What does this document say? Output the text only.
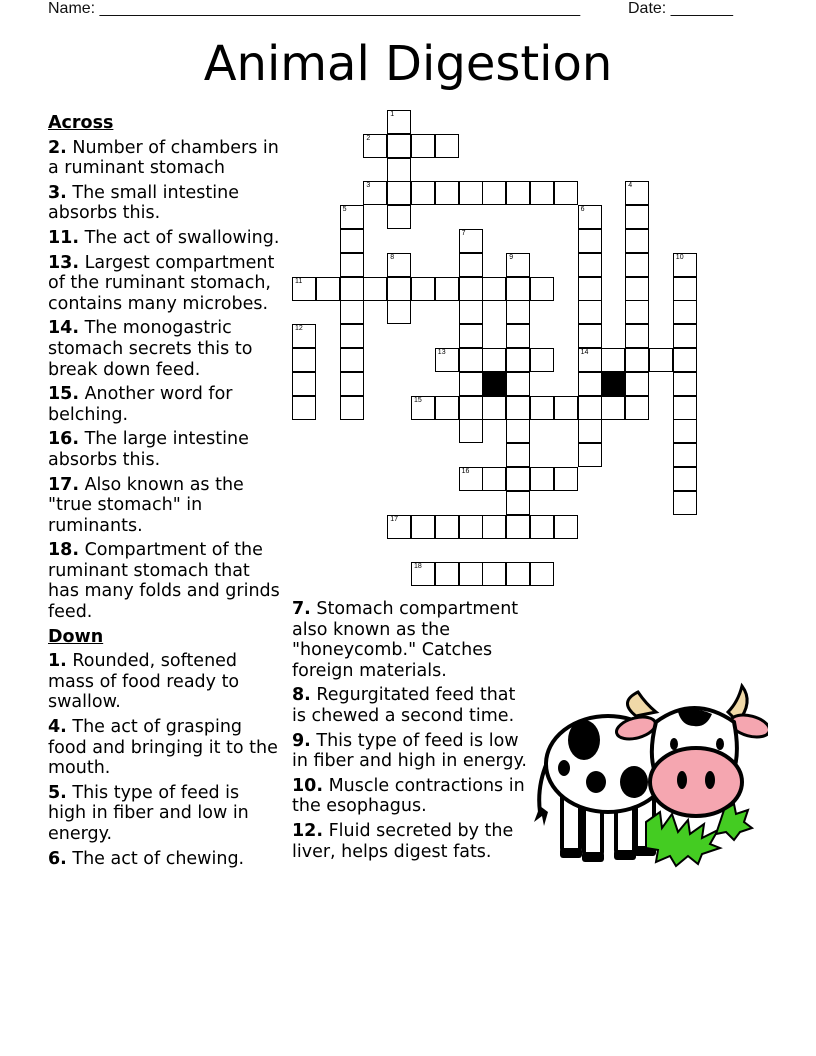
Name: ______________________________________________________	Date: _______
Animal Digestion
Across
2. Number of chambers in a ruminant stomach
3. The small intestine absorbs this.
11. The act of swallowing.
13. Largest compartment of the ruminant stomach, contains many microbes.
14. The monogastric stomach secrets this to break down feed.
15. Another word for belching.
16. The large intestine absorbs this.
17. Also known as the "true stomach" in ruminants.
18. Compartment of the ruminant stomach that has many folds and grinds feed.
Down
1. Rounded, softened mass of food ready to swallow.
4. The act of grasping food and bringing it to the mouth.
5. This type of feed is high in fiber and low in energy.
6. The act of chewing.
7. Stomach compartment also known as the "honeycomb." Catches foreign materials.
8. Regurgitated feed that is chewed a second time.
9. This type of feed is low in fiber and high in energy.
10. Muscle contractions in the esophagus.
12. Fluid secreted by the liver, helps digest fats.
1
2
3	4
5	6
14
7
8	9	10
11
12
13
15
16
17
18
